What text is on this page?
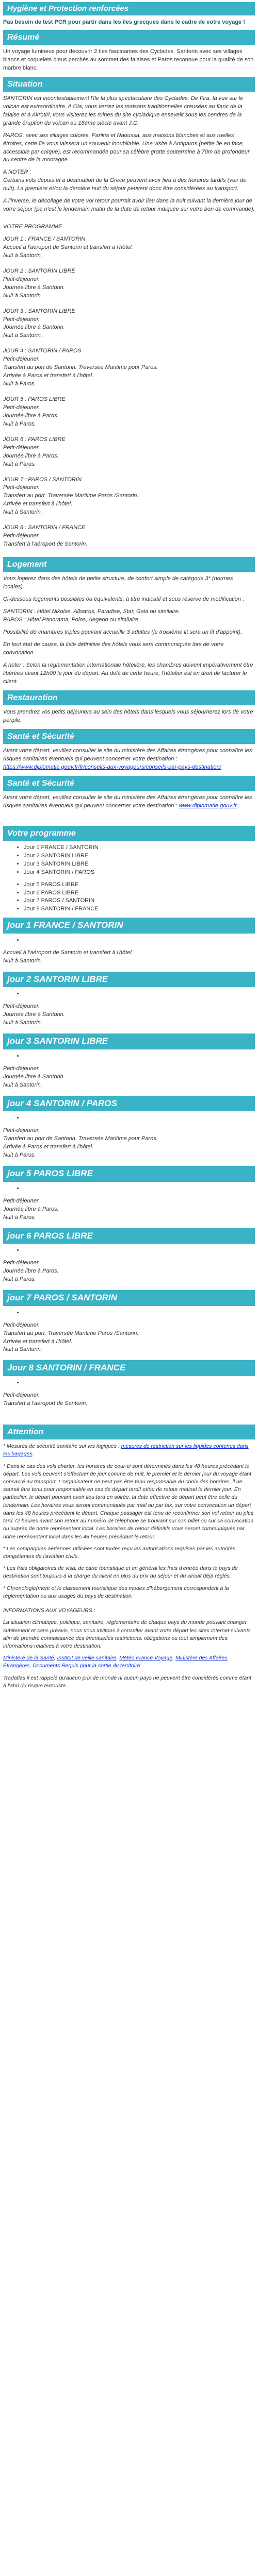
Hygiène et Protection renforcées
Pas besoin de test PCR pour partir dans les îles grecques dans le cadre de votre voyage !
Résumé

Un voyage lumineux pour découvrir 2 îles fascinantes des Cyclades. Santorin avec ses villages blancs et coquelets bleus perchés au sommet des falaises et Paros reconnue pour la qualité de son marbre blanc.

Situation

SANTORIN est incontestablement l'île la plus spectaculaire des Cyclades. De Fira, la vue sur le volcan est extraordinaire. A Oia, vous verrez les maisons traditionnelles creusées au flanc de la falaise et à Akrotiri, vous visiterez les ruines du site cycladique ensevelit sous les cendres de la grande éruption du volcan au 16ème siècle avant J.C.

PAROS, avec ses villages colorés, Parikia et Naoussa, aux maisons blanches et aux ruelles étroites, cette île vous laissera un souvenir inoubliable. Une visite à Antiparos (petite île en face, accessible par caïque), est recommandée pour sa célèbre grotte souterraine à 70m de profondeur au centre de la montagne.

A NOTER :

Certains vols depuis et à destination de la Grèce peuvent avoir lieu à des horaires tardifs (voir de nuit). La première et/ou la dernière nuit du séjour peuvent donc être considérées au transport.

A l'inverse, le décollage de votre vol retour pourrait avoir lieu dans la nuit suivant la dernière jour de votre séjour (pe n'est le lendemain matin de la date de retour indiquée sur votre bon de commande).

VOTRE PROGRAMME

JOUR 1 : FRANCE / SANTORIN

Accueil à l'aéroport de Santorin et transfert à l'hôtel.

Nuit à Santorin.

JOUR 2 : SANTORIN LIBRE

Petit-déjeuner.

Journée libre à Santorin.

Nuit à Santorin.

JOUR 3 : SANTORIN LIBRE

Petit-déjeuner.

Journée libre à Santorin.

Nuit à Santorin.

JOUR 4 : SANTORIN / PAROS

Petit-déjeuner.

Transfert au port de Santorin. Traversée Maritime pour Paros.

Arrivée à Paros et transfert à l'hôtel.

Nuit à Paros.

JOUR 5 : PAROS LIBRE

Petit-déjeuner.

Journée libre à Paros.

Nuit à Paros.

JOUR 6 : PAROS LIBRE

Petit-déjeuner.

Journée libre à Paros.

Nuit à Paros.

JOUR 7 : PAROS / SANTORIN

Petit-déjeuner.

Transfert au port. Traversée Maritime Paros /Santorin.

Arrivée et transfert à l'hôtel.

Nuit à Santorin.

JOUR 8 : SANTORIN / FRANCE

Petit-déjeuner.

Transfert à l'aéroport de Santorin.

Logement

Vous logerez dans des hôtels de petite structure, de confort simple de catégorie 3* (normes locales).

Ci-dessous logements possibles ou équivalents, à titre indicatif et sous réserve de modification :

SANTORIN : Hôtel Nikolas, Albatros, Paradise, Star, Gaia ou similaire.

PAROS : Hôtel Panorama, Polos, Aegeon ou similaire.

Possibilité de chambres triples pouvant accueillir 3 adultes (le troisième lit sera un lit d'appoint).

En tout état de cause, la liste définitive des hôtels vous sera communiquée lors de votre convocation.

A noter : Selon la réglementation internationale hôtelière, les chambres doivent impérativement être libérées avant 12h00 le jour du départ. Au délà de cette heure, l'hôtelier est en droit de facturer le client.

Restauration

Vous prendrez vos petits déjeuners au sein des hôtels dans lesquels vous séjournerez lors de votre périple.

Santé et Sécurité

Avant votre départ, veuillez consulter le site du ministère des Affaires étrangères pour connaître les risques sanitaires éventuels qui peuvent concerner votre destination : https://www.diplomatie.gouv.fr/fr/conseils-aux-voyageurs/conseils-par-pays-destination/

Santé et Sécurité

Avant votre départ, veuillez consulter le site du ministère des Affaires étrangères pour connaître les risques sanitaires éventuels qui peuvent concerner votre destination : www.diplomatie.gouv.fr

Votre programme
• Jour 1 FRANCE / SANTORIN
• Jour 2 SANTORIN LIBRE
• Jour 3 SANTORIN LIBRE
• Jour 4 SANTORIN / PAROS
• Jour 5 PAROS LIBRE
• Jour 6 PAROS LIBRE
• Jour 7 PAROS / SANTORIN
• Jour 8 SANTORIN / FRANCE
jour 1 FRANCE / SANTORIN
•

Accueil à l'aéroport de Santorin et transfert à l'hôtel.

Nuit à Santorin.

jour 2 SANTORIN LIBRE
•

Petit-déjeuner.

Journée libre à Santorin.

Nuit à Santorin.

jour 3 SANTORIN LIBRE
•

Petit-déjeuner.

Journée libre à Santorin.

Nuit à Santorin.

jour 4 SANTORIN / PAROS
•

Petit-déjeuner.

Transfert au port de Santorin. Traversée Maritime pour Paros.

Arrivée à Paros et transfert à l'hôtel.

Nuit à Paros.

jour 5 PAROS LIBRE
•

Petit-déjeuner.

Journée libre à Paros.

Nuit à Paros.

jour 6 PAROS LIBRE
•

Petit-déjeuner.

Journée libre à Paros.

Nuit à Paros.

jour 7 PAROS / SANTORIN
•

Petit-déjeuner.

Transfert au port. Traversée Maritime Paros /Santorin.

Arrivée et transfert à l'hôtel.

Nuit à Santorin.

Jour 8 SANTORIN / FRANCE
•

Petit-déjeuner.

Transfert à l'aéroport de Santorin.

Attention

* Mesures de sécurité sanitaire sur les logiques : mesures de restriction sur les liquides contenus dans les bagages.

* Dans le cas des vols charter, les horaires de cour-ci sont déterminés dans les 48 heures précédant le départ. Les vols peuvent s'effectuer de jour comme de nuit, le premier et le dernier jour du voyage étant consacré au transport. L'organisateur ne peut pas être tenu responsable du choix des horaires, il ne saurait être tenu pour responsable en cas de départ tardif et/ou de retour matinal le dernier jour. En particulier, le départ pouvant avoir lieu tard en soirée, la date effective de départ peut être celle du lendemain. Les horaires vous seront communiqués par mail ou par fax, sur votre convocation un départ dans les 48 heures précédent le départ. Chaque passager est tenu de reconfirmer son vol retour au plus tard 72 heures avant son retour au numéro de téléphone se trouvant sur son billet ou sur sa convocation ou auprès de notre représentant local. Les horaires de retour définitifs vous seront communiqués par notre représentant local dans les 48 heures précédant le retour.

* Les compagnies aériennes utilisées sont toutes reçu les autorisations requises par les autorités compétentes de l'aviation civile.

* Les frais obligatoires de visa, de carte touristique et en général les frais d'entrée dans le pays de destination sont toujours à la charge du client en plus du prix du séjour et du circuit déjà réglés.

* Chronologie(ment et le classement touristique des modes d'hébergement correspondent à la réglementation ou aux usages du pays de destination.

INFORMATIONS AUX VOYAGEURS :

La situation climatique, politique, sanitaire, réglementaire de chaque pays du monde pouvant changer subitement et sans préavis, nous vous invitons à consulter avant votre départ les sites Internet suivants afin de prendre connaissance des éventuelles restrictions, obligations ou tout simplement des informations relatives à votre destination.

Ministère de la Santé, Institut de veille sanitaire, Météo France Voyage, Ministère des Affaires Étrangères, Documents Requis pour la sortie du territoire

Tradatlas il est rappelé qu'aucun prix de monde ni aucun pays ne peuvent être considérés comme étant à l'abri du risque terroriste.
